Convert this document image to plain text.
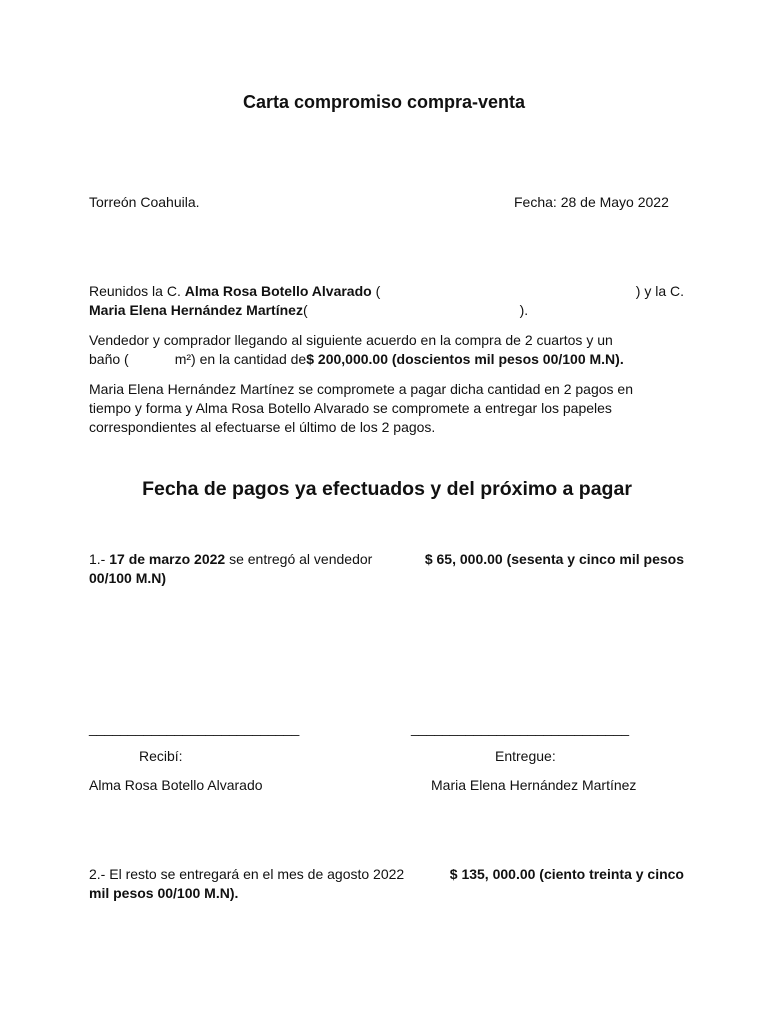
Carta compromiso compra-venta
Torreón Coahuila.	Fecha: 28 de Mayo 2022
Reunidos la C. Alma Rosa Botello Alvarado (	) y la C.
Maria Elena Hernández Martínez (	).
Vendedor y comprador llegando al siguiente acuerdo en la compra de 2 cuartos y un
baño (	m²) en la cantidad de $ 200,000.00 (doscientos mil pesos 00/100 M.N).
Maria Elena Hernández Martínez se compromete a pagar dicha cantidad en 2 pagos en
tiempo y forma y Alma Rosa Botello Alvarado se compromete a entregar los papeles
correspondientes al efectuarse el último de los 2 pagos.
Fecha de pagos ya efectuados y del próximo a pagar
1.- 17 de marzo 2022 se entregó al vendedor	$ 65, 000.00 (sesenta y cinco mil pesos
00/100 M.N)
___________________________	____________________________
Recibí:	Entregue:
Alma Rosa Botello Alvarado	Maria Elena Hernández Martínez
2.- El resto se entregará en el mes de agosto 2022	$ 135, 000.00 (ciento treinta y cinco
mil pesos 00/100 M.N).
